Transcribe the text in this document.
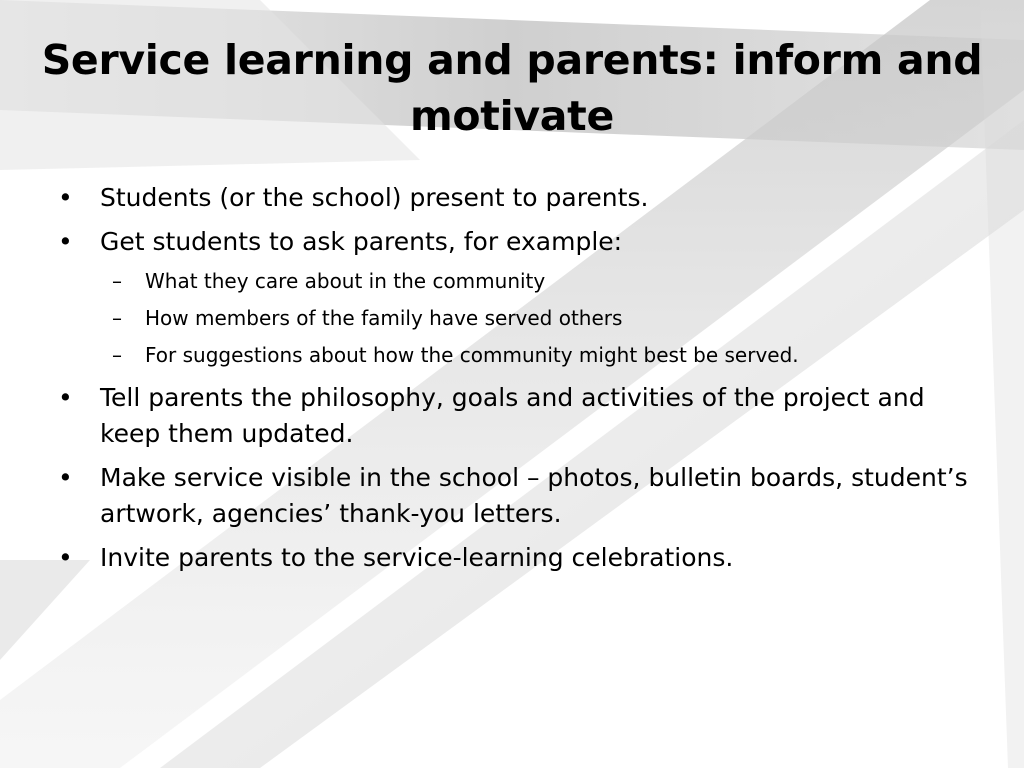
Service learning and parents: inform and motivate
• Students (or the school) present to parents.
• Get students to ask parents, for example:
– What they care about in the community
– How members of the family have served others
– For suggestions about how the community might best be served.
• Tell parents the philosophy, goals and activities of the project and keep them updated.
• Make service visible in the school – photos, bulletin boards, student’s artwork, agencies’ thank-you letters.
• Invite parents to the service-learning celebrations.
